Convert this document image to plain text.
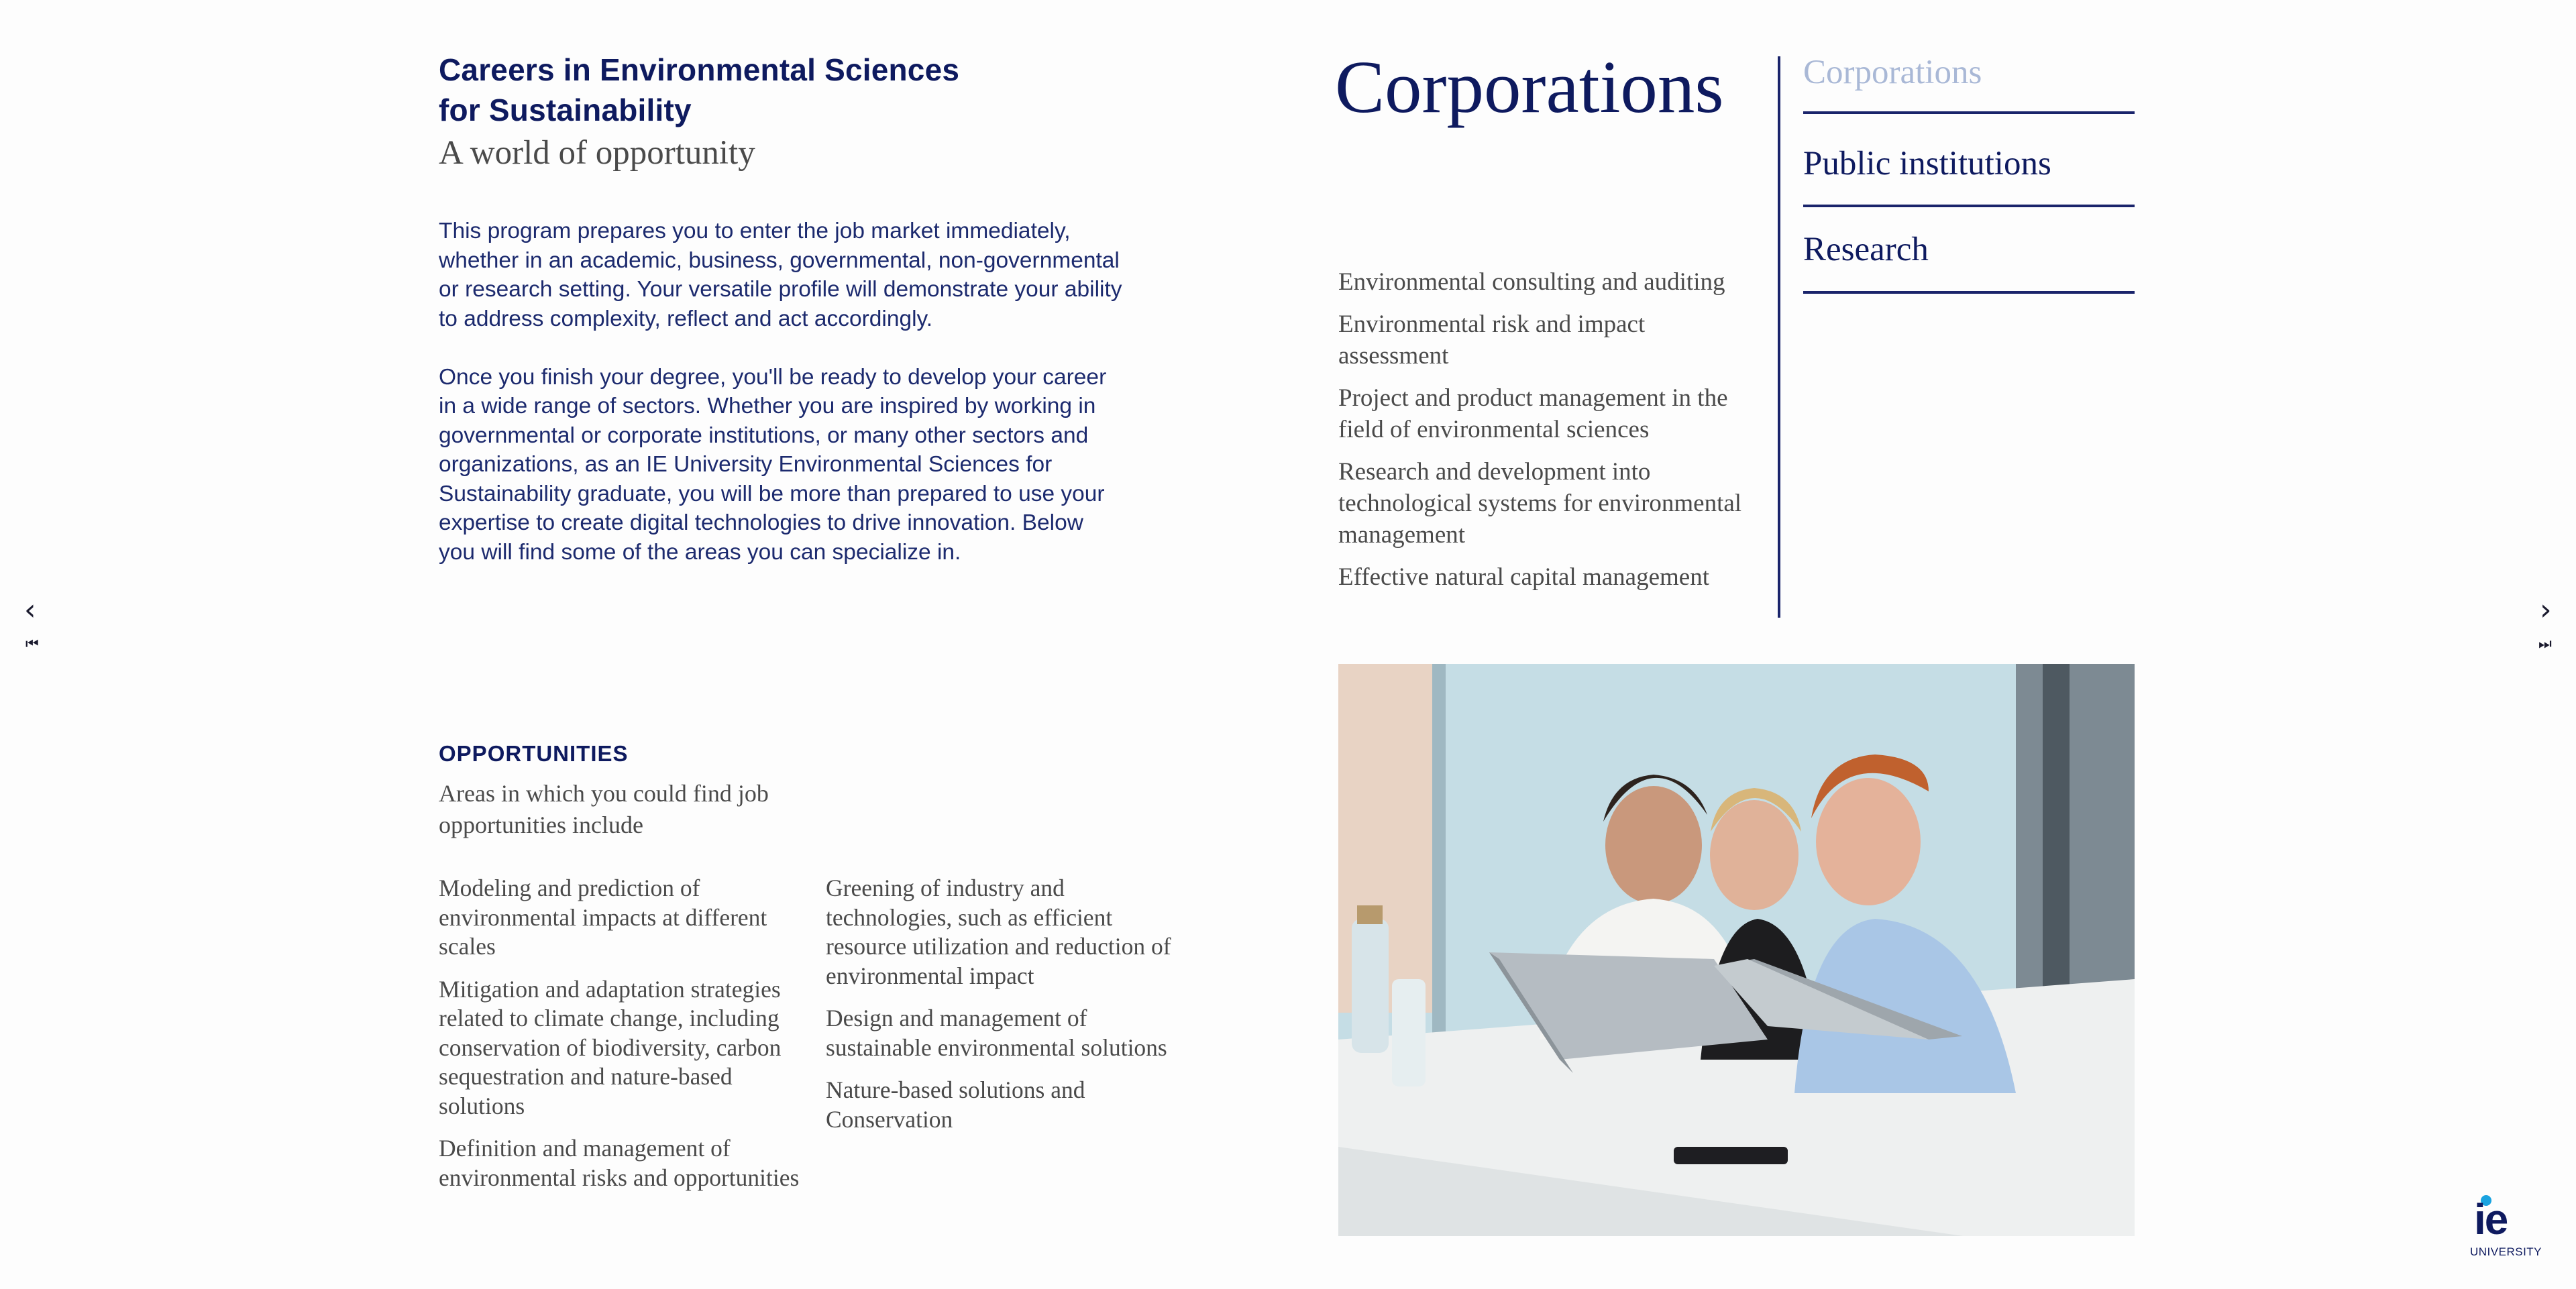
Careers in Environmental Sciences for Sustainability
A world of opportunity

This program prepares you to enter the job market immediately, whether in an academic, business, governmental, non-governmental or research setting. Your versatile profile will demonstrate your ability to address complexity, reflect and act accordingly.

Once you finish your degree, you'll be ready to develop your career in a wide range of sectors. Whether you are inspired by working in governmental or corporate institutions, or many other sectors and organizations, as an IE University Environmental Sciences for Sustainability graduate, you will be more than prepared to use your expertise to create digital technologies to drive innovation. Below you will find some of the areas you can specialize in.

OPPORTUNITIES
Areas in which you could find job opportunities include
Modeling and prediction of environmental impacts at different scales
Mitigation and adaptation strategies related to climate change, including conservation of biodiversity, carbon sequestration and nature-based solutions
Definition and management of environmental risks and opportunities
Greening of industry and technologies, such as efficient resource utilization and reduction of environmental impact
Design and management of sustainable environmental solutions
Nature-based solutions and Conservation
Corporations Corporations
Public institutions
Research
Environmental consulting and auditing
Environmental risk and impact assessment
Project and product management in the field of environmental sciences
Research and development into technological systems for environmental management
Effective natural capital management
‹
⏮
›
⏭
ie
UNIVERSITY
